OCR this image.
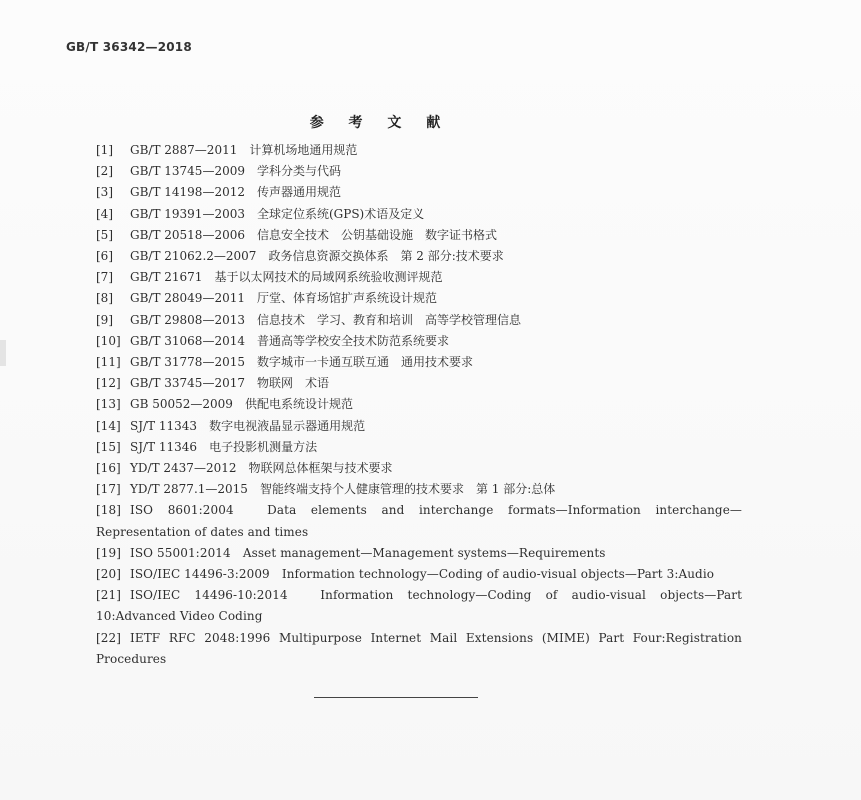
GB/T 36342—2018
参 考 文 献

[1] GB/T 2887—2011 计算机场地通用规范

[2] GB/T 13745—2009 学科分类与代码

[3] GB/T 14198—2012 传声器通用规范

[4] GB/T 19391—2003 全球定位系统(GPS)术语及定义

[5] GB/T 20518—2006 信息安全技术　公钥基础设施　数字证书格式

[6] GB/T 21062.2—2007 政务信息资源交换体系　第 2 部分:技术要求

[7] GB/T 21671 基于以太网技术的局域网系统验收测评规范

[8] GB/T 28049—2011 厅堂、体育场馆扩声系统设计规范

[9] GB/T 29808—2013 信息技术　学习、教育和培训　高等学校管理信息

[10] GB/T 31068—2014 普通高等学校安全技术防范系统要求

[11] GB/T 31778—2015 数字城市一卡通互联互通　通用技术要求

[12] GB/T 33745—2017 物联网　术语

[13] GB 50052—2009 供配电系统设计规范

[14] SJ/T 11343 数字电视液晶显示器通用规范

[15] SJ/T 11346 电子投影机测量方法

[16] YD/T 2437—2012 物联网总体框架与技术要求

[17] YD/T 2877.1—2015 智能终端支持个人健康管理的技术要求　第 1 部分:总体

[18] ISO 8601:2004　Data elements and interchange formats—Information interchange—Representation of dates and times

[19] ISO 55001:2014　Asset management—Management systems—Requirements

[20] ISO/IEC 14496-3:2009　Information technology—Coding of audio-visual objects—Part 3:Audio

[21] ISO/IEC 14496-10:2014　Information technology—Coding of audio-visual objects—Part 10:Advanced Video Coding

[22] IETF RFC 2048:1996 Multipurpose Internet Mail Extensions (MIME) Part Four:Registration Procedures
